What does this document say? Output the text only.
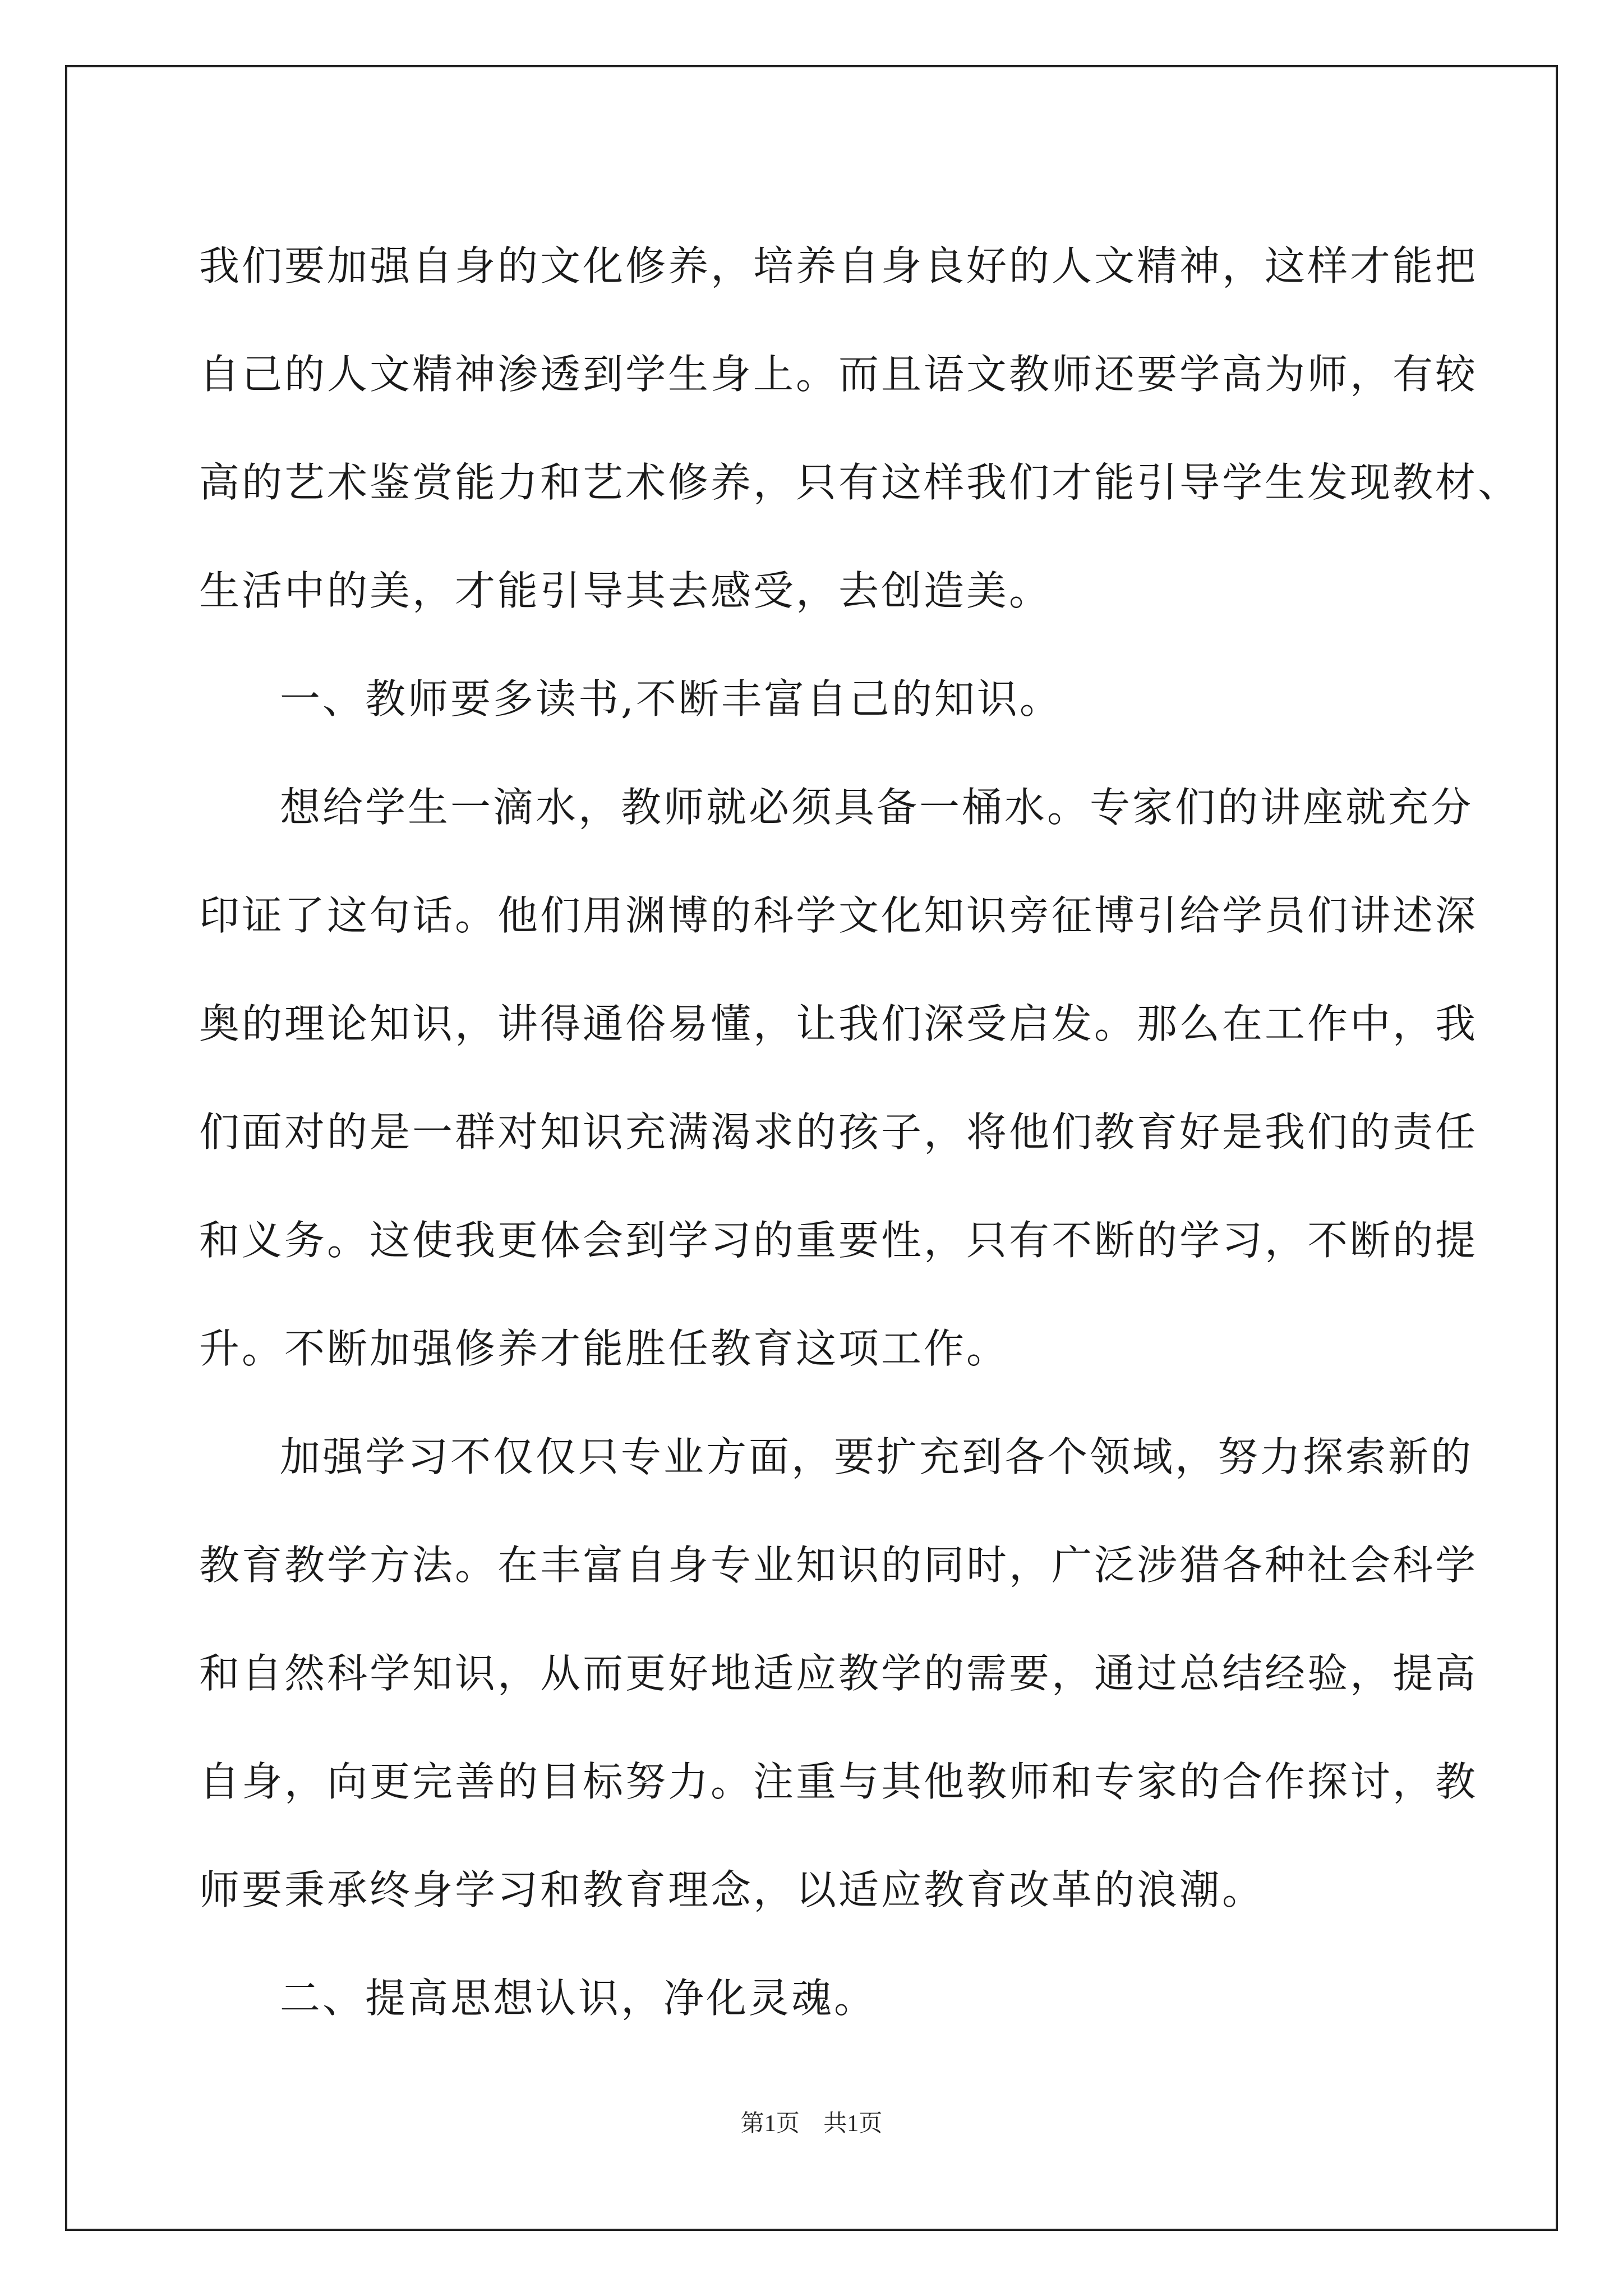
我们要加强自身的文化修养，培养自身良好的人文精神，这样才能把
自己的人文精神渗透到学生身上。而且语文教师还要学高为师，有较
高的艺术鉴赏能力和艺术修养，只有这样我们才能引导学生发现教材、
生活中的美，才能引导其去感受，去创造美。
一、教师要多读书,不断丰富自己的知识。
想给学生一滴水，教师就必须具备一桶水。专家们的讲座就充分
印证了这句话。他们用渊博的科学文化知识旁征博引给学员们讲述深
奥的理论知识，讲得通俗易懂，让我们深受启发。那么在工作中，我
们面对的是一群对知识充满渴求的孩子，将他们教育好是我们的责任
和义务。这使我更体会到学习的重要性，只有不断的学习，不断的提
升。不断加强修养才能胜任教育这项工作。
加强学习不仅仅只专业方面，要扩充到各个领域，努力探索新的
教育教学方法。在丰富自身专业知识的同时，广泛涉猎各种社会科学
和自然科学知识，从而更好地适应教学的需要，通过总结经验，提高
自身，向更完善的目标努力。注重与其他教师和专家的合作探讨，教
师要秉承终身学习和教育理念，以适应教育改革的浪潮。
二、提高思想认识，净化灵魂。
第1页 共1页
